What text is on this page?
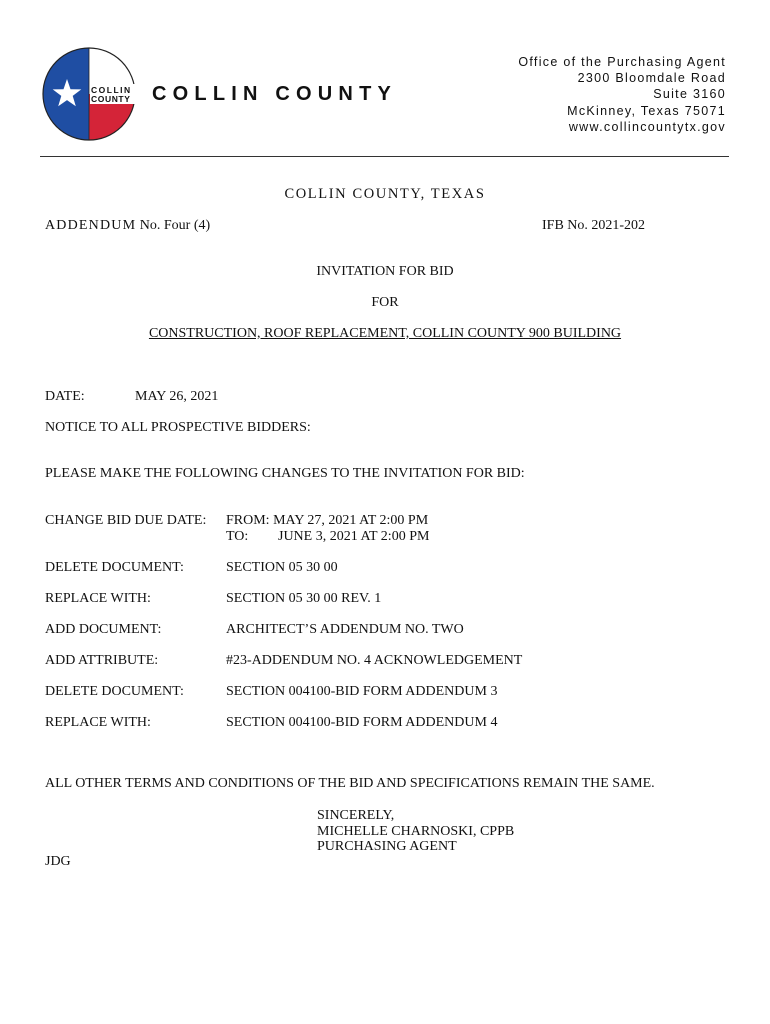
COLLIN
COUNTY COLLIN COUNTY
Office of the Purchasing Agent
2300 Bloomdale Road
Suite 3160
McKinney, Texas 75071
www.collincountytx.gov
COLLIN COUNTY, TEXAS
ADDENDUM No. Four (4)	IFB No. 2021-202
INVITATION FOR BID
FOR
CONSTRUCTION, ROOF REPLACEMENT, COLLIN COUNTY 900 BUILDING
DATE:	MAY 26, 2021
NOTICE TO ALL PROSPECTIVE BIDDERS:
PLEASE MAKE THE FOLLOWING CHANGES TO THE INVITATION FOR BID:
CHANGE BID DUE DATE: FROM: MAY 27, 2021 AT 2:00 PM
TO: JUNE 3, 2021 AT 2:00 PM
DELETE DOCUMENT:	SECTION 05 30 00
REPLACE WITH:	SECTION 05 30 00 REV. 1
ADD DOCUMENT:	ARCHITECT’S ADDENDUM NO. TWO
ADD ATTRIBUTE:	#23-ADDENDUM NO. 4 ACKNOWLEDGEMENT
DELETE DOCUMENT:	SECTION 004100-BID FORM ADDENDUM 3
REPLACE WITH:	SECTION 004100-BID FORM ADDENDUM 4
ALL OTHER TERMS AND CONDITIONS OF THE BID AND SPECIFICATIONS REMAIN THE SAME.
SINCERELY,
MICHELLE CHARNOSKI, CPPB
PURCHASING AGENT
JDG
